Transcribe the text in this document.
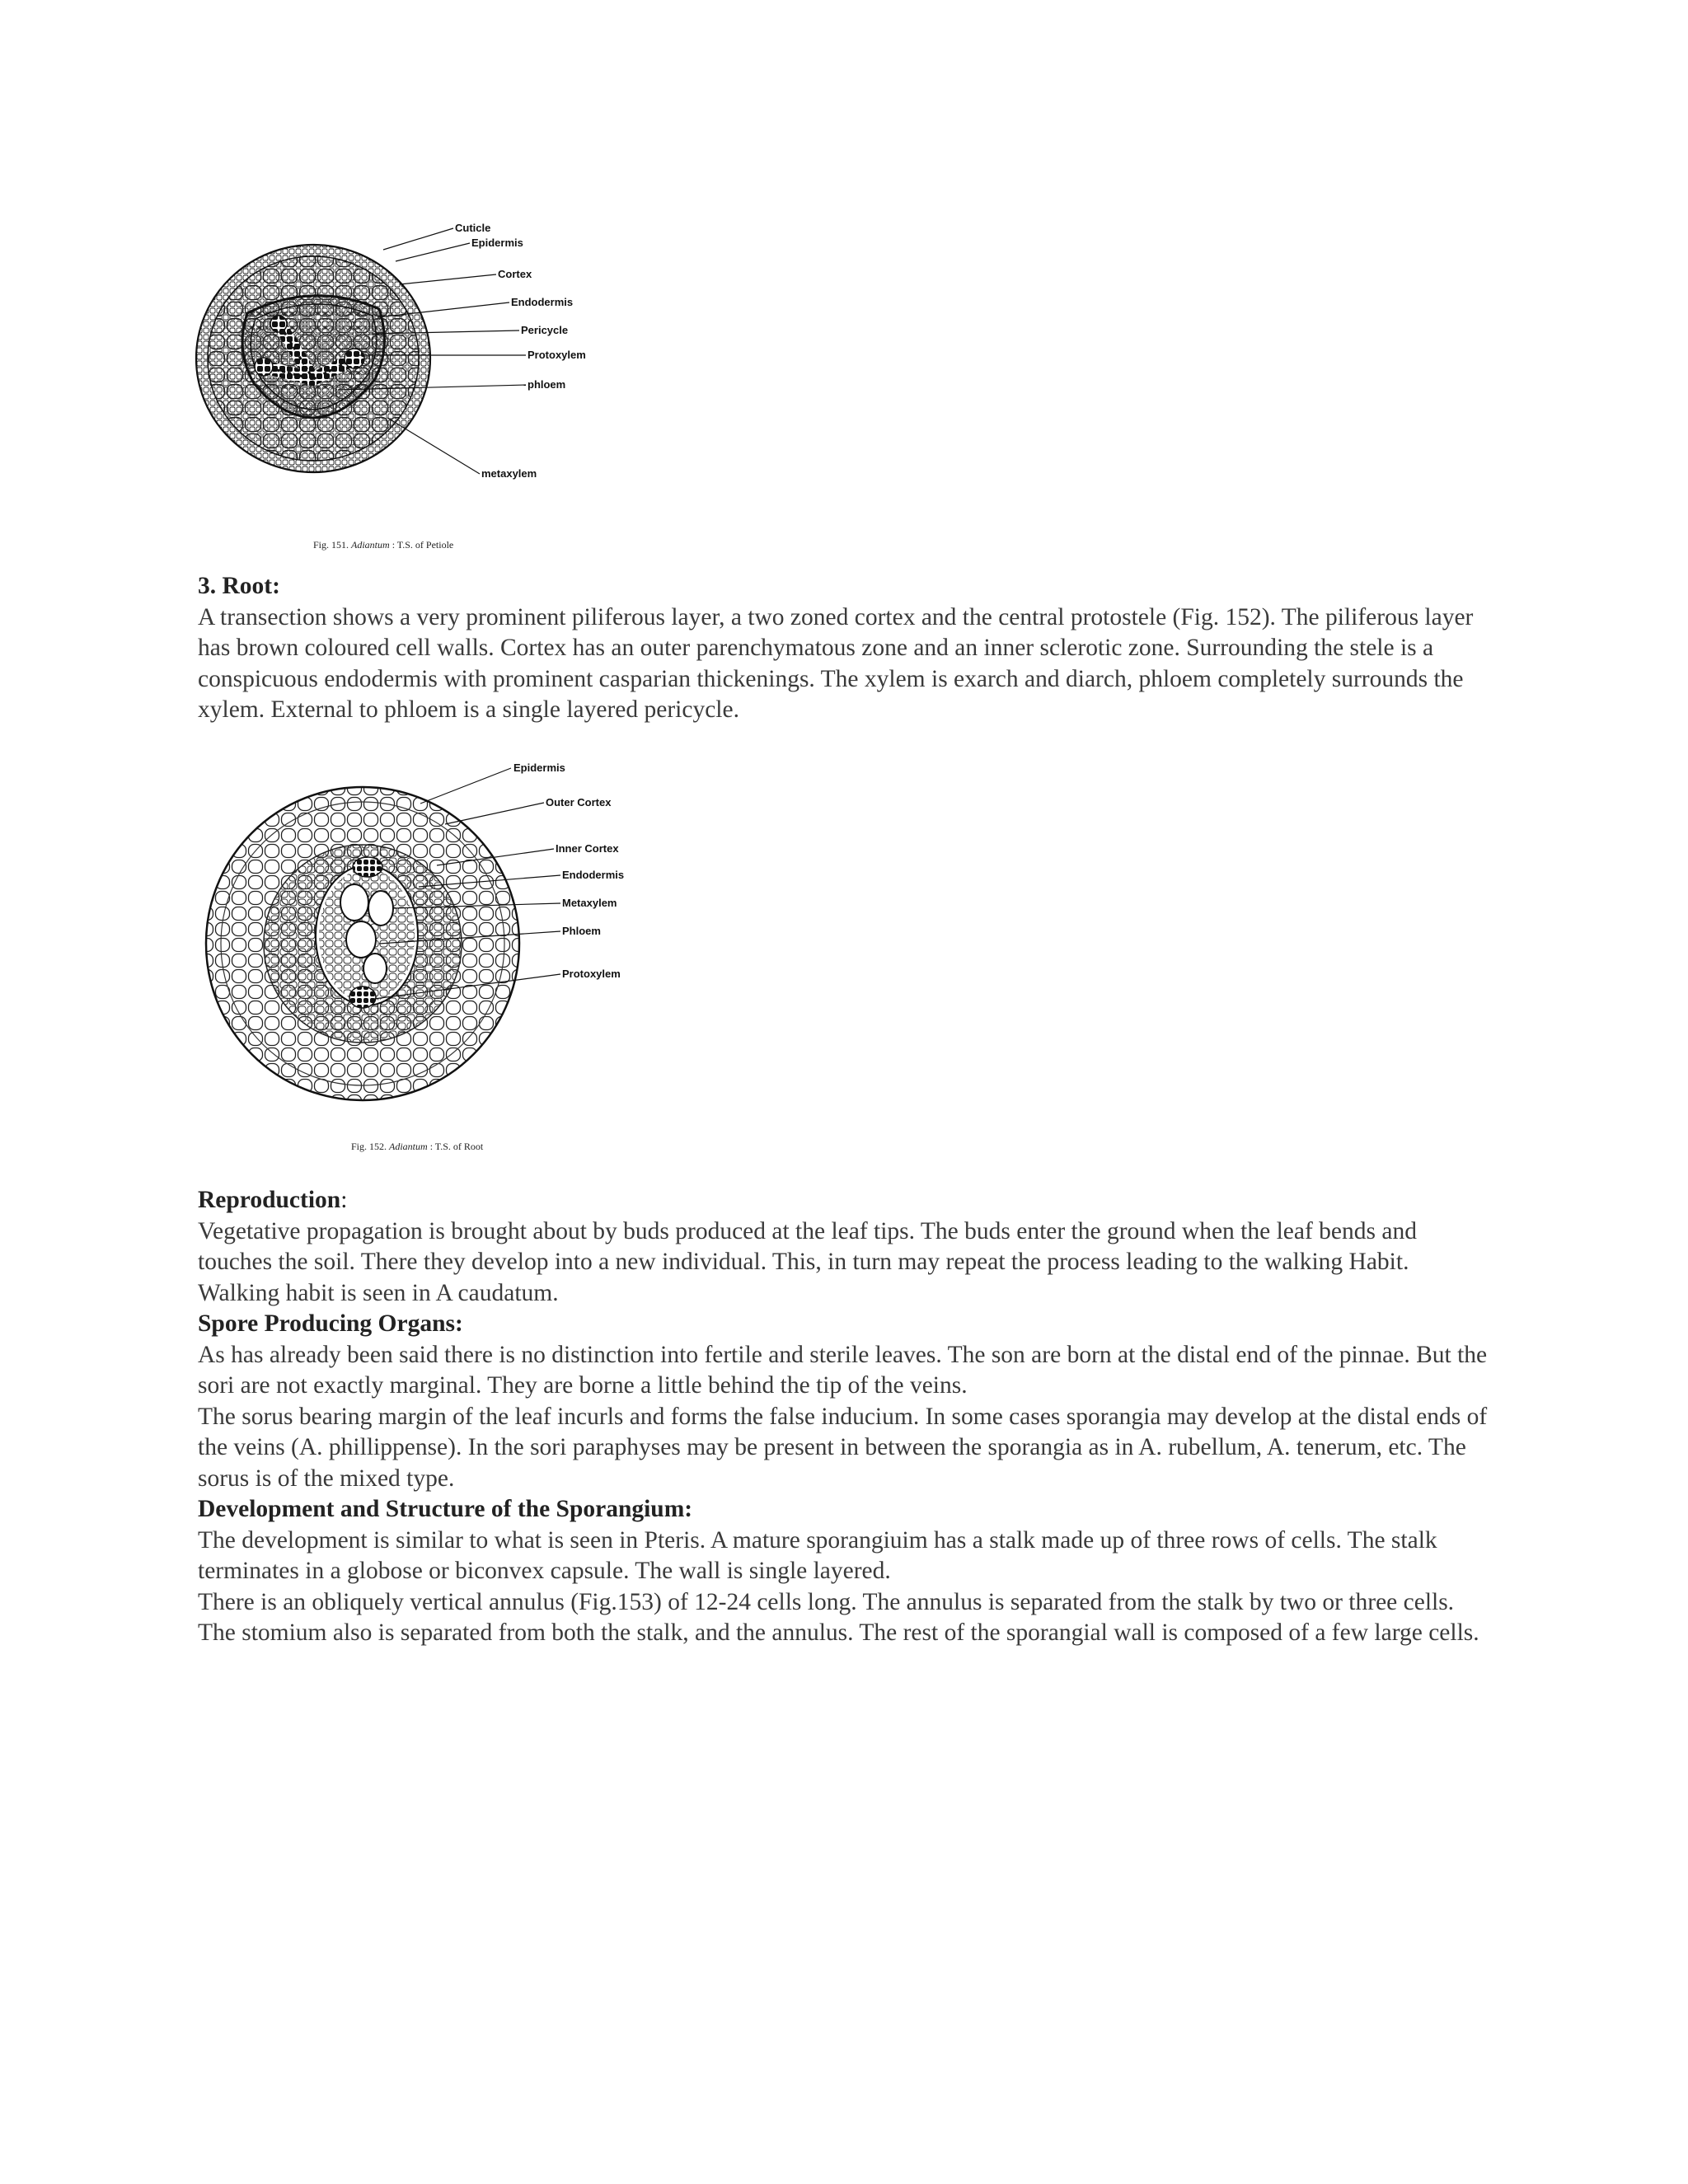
Cuticle
Epidermis
Cortex
Endodermis
Pericycle
Protoxylem
phloem
metaxylem
Fig. 151. Adiantum : T.S. of Petiole
3. Root:

A transection shows a very prominent piliferous layer, a two zoned cortex and the central protostele (Fig. 152). The piliferous layer has brown coloured cell walls. Cortex has an outer parenchymatous zone and an inner sclerotic zone. Surrounding the stele is a conspicuous endodermis with prominent casparian thickenings. The xylem is exarch and diarch, phloem completely surrounds the xylem. External to phloem is a single layered pericycle.

Epidermis
Outer Cortex
Inner Cortex
Endodermis
Metaxylem
Phloem
Protoxylem
Fig. 152. Adiantum : T.S. of Root
Reproduction:

Vegetative propagation is brought about by buds produced at the leaf tips. The buds enter the ground when the leaf bends and touches the soil. There they develop into a new individual. This, in turn may repeat the process leading to the walking Habit. Walking habit is seen in A caudatum.

Spore Producing Organs:

As has already been said there is no distinction into fertile and sterile leaves. The son are born at the distal end of the pinnae. But the sori are not exactly marginal. They are borne a little behind the tip of the veins.

The sorus bearing margin of the leaf incurls and forms the false inducium. In some cases sporangia may develop at the distal ends of the veins (A. phillippense). In the sori paraphyses may be present in between the sporangia as in A. rubellum, A. tenerum, etc. The sorus is of the mixed type.

Development and Structure of the Sporangium:

The development is similar to what is seen in Pteris. A mature sporangiuim has a stalk made up of three rows of cells. The stalk terminates in a globose or biconvex capsule. The wall is single layered.

There is an obliquely vertical annulus (Fig.153) of 12-24 cells long. The annulus is separated from the stalk by two or three cells. The stomium also is separated from both the stalk, and the annulus. The rest of the sporangial wall is composed of a few large cells.
